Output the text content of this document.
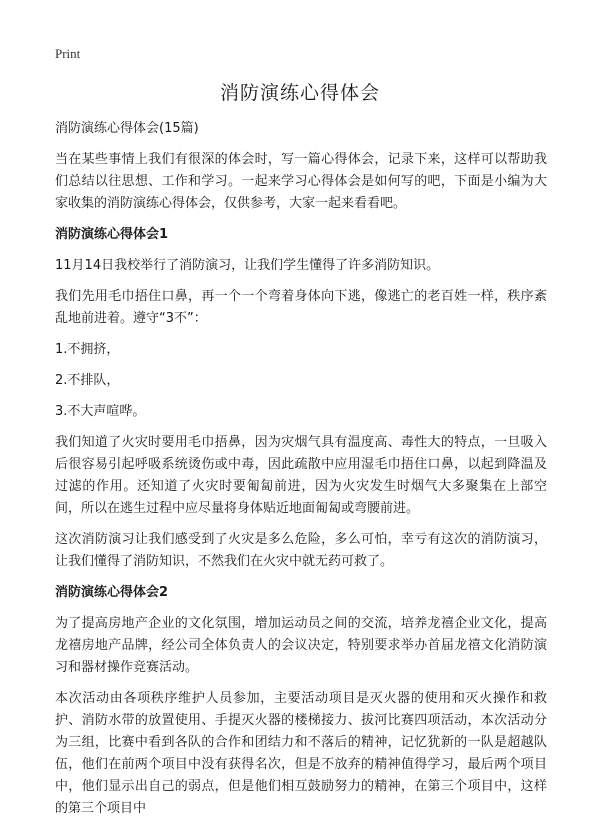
Print
消防演练心得体会

消防演练心得体会(15篇)

当在某些事情上我们有很深的体会时，写一篇心得体会，记录下来，这样可以帮助我们总结以往思想、工作和学习。一起来学习心得体会是如何写的吧，下面是小编为大家收集的消防演练心得体会，仅供参考，大家一起来看看吧。

消防演练心得体会1

11月14日我校举行了消防演习，让我们学生懂得了许多消防知识。

我们先用毛巾捂住口鼻，再一个一个弯着身体向下逃，像逃亡的老百姓一样，秩序紊乱地前进着。遵守“3不”：

1.不拥挤，

2.不排队，

3.不大声喧哗。

我们知道了火灾时要用毛巾捂鼻，因为灾烟气具有温度高、毒性大的特点，一旦吸入后很容易引起呼吸系统烫伤或中毒，因此疏散中应用湿毛巾捂住口鼻，以起到降温及过滤的作用。还知道了火灾时要匍匐前进，因为火灾发生时烟气大多聚集在上部空间，所以在逃生过程中应尽量将身体贴近地面匍匐或弯腰前进。

这次消防演习让我们感受到了火灾是多么危险，多么可怕，幸亏有这次的消防演习，让我们懂得了消防知识，不然我们在火灾中就无药可救了。

消防演练心得体会2

为了提高房地产企业的文化氛围，增加运动员之间的交流，培养龙禧企业文化，提高龙禧房地产品牌，经公司全体负责人的会议决定，特别要求举办首届龙禧文化消防演习和器材操作竞赛活动。

本次活动由各项秩序维护人员参加，主要活动项目是灭火器的使用和灭火操作和救护、消防水带的放置使用、手提灭火器的楼梯接力、拔河比赛四项活动，本次活动分为三组，比赛中看到各队的合作和团结力和不落后的精神，记忆犹新的一队是超越队伍，他们在前两个项目中没有获得名次，但是不放弃的精神值得学习，最后两个项目中，他们显示出自己的弱点，但是他们相互鼓励努力的精神，在第三个项目中，这样的第三个项目中
